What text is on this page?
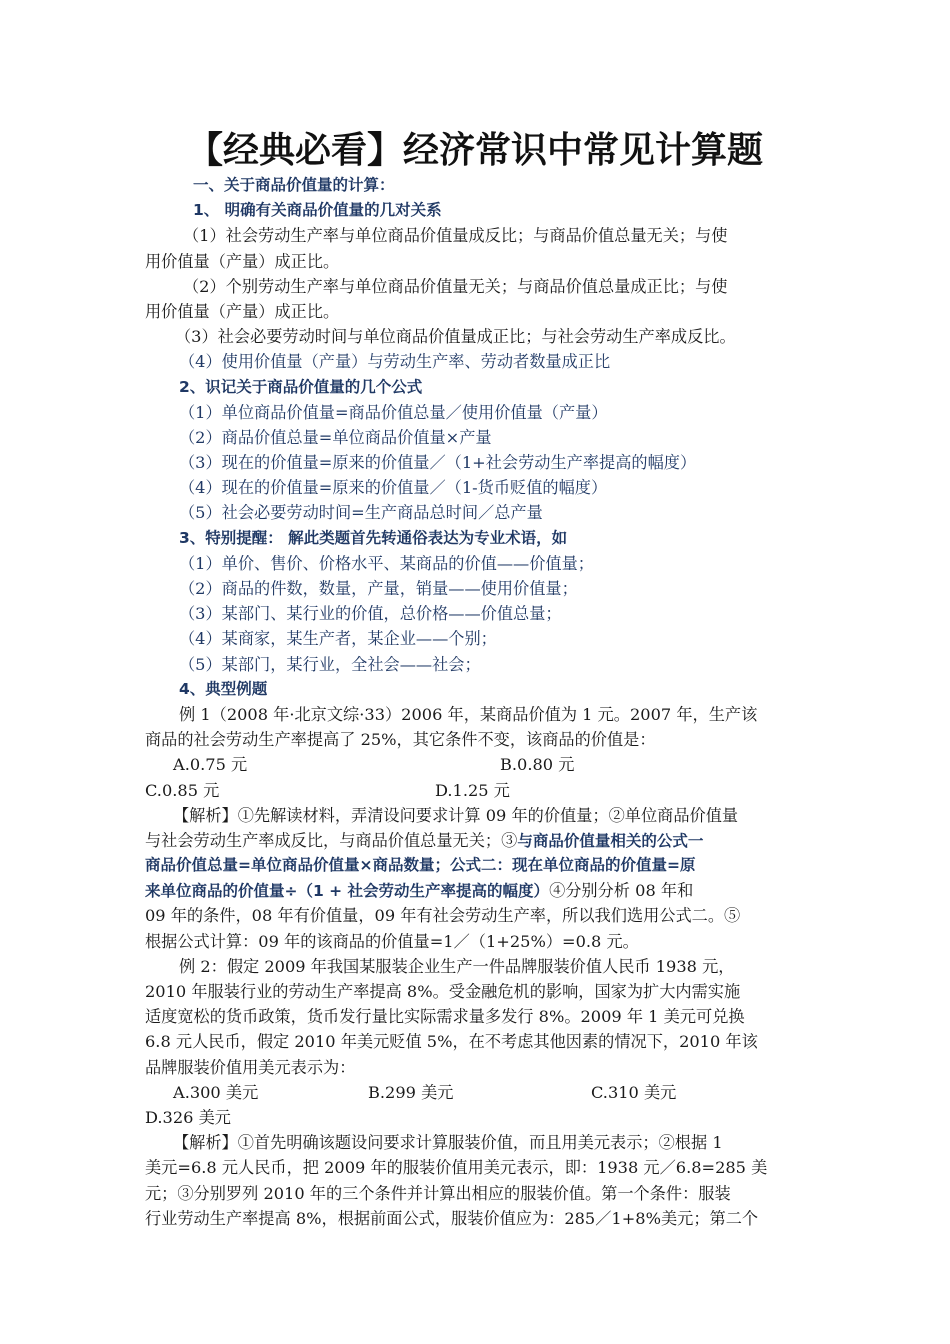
【经典必看】经济常识中常见计算题
一、关于商品价值量的计算：
1、 明确有关商品价值量的几对关系
（1）社会劳动生产率与单位商品价值量成反比；与商品价值总量无关；与使
用价值量（产量）成正比。
（2）个别劳动生产率与单位商品价值量无关；与商品价值总量成正比；与使
用价值量（产量）成正比。
（3）社会必要劳动时间与单位商品价值量成正比；与社会劳动生产率成反比。
（4）使用价值量（产量）与劳动生产率、劳动者数量成正比
2、识记关于商品价值量的几个公式
（1）单位商品价值量=商品价值总量／使用价值量（产量）
（2）商品价值总量=单位商品价值量×产量
（3）现在的价值量=原来的价值量／（1+社会劳动生产率提高的幅度）
（4）现在的价值量=原来的价值量／（1-货币贬值的幅度）
（5）社会必要劳动时间=生产商品总时间／总产量
3、特别提醒： 解此类题首先转通俗表达为专业术语，如
（1）单价、售价、价格水平、某商品的价值——价值量；
（2）商品的件数，数量，产量，销量——使用价值量；
（3）某部门、某行业的价值，总价格——价值总量；
（4）某商家，某生产者，某企业——个别；
（5）某部门，某行业，全社会——社会；
4、典型例题
例 1（2008 年·北京文综·33）2006 年，某商品价值为 1 元。2007 年，生产该
商品的社会劳动生产率提高了 25%，其它条件不变，该商品的价值是：
A.0.75 元	B.0.80 元
C.0.85 元	D.1.25 元
【解析】①先解读材料，弄清设问要求计算 09 年的价值量；②单位商品价值量
与社会劳动生产率成反比，与商品价值总量无关；③与商品价值量相关的公式一
商品价值总量=单位商品价值量×商品数量；公式二：现在单位商品的价值量=原
来单位商品的价值量÷（1 + 社会劳动生产率提高的幅度）④分别分析 08 年和
09 年的条件，08 年有价值量，09 年有社会劳动生产率，所以我们选用公式二。⑤
根据公式计算：09 年的该商品的价值量=1／（1+25%）=0.8 元。
例 2：假定 2009 年我国某服装企业生产一件品牌服装价值人民币 1938 元，
2010 年服装行业的劳动生产率提高 8%。受金融危机的影响，国家为扩大内需实施
适度宽松的货币政策，货币发行量比实际需求量多发行 8%。2009 年 1 美元可兑换
6.8 元人民币，假定 2010 年美元贬值 5%，在不考虑其他因素的情况下，2010 年该
品牌服装价值用美元表示为：
A.300 美元	B.299 美元	C.310 美元
D.326 美元
【解析】①首先明确该题设问要求计算服装价值，而且用美元表示；②根据 1
美元=6.8 元人民币，把 2009 年的服装价值用美元表示，即：1938 元／6.8=285 美
元；③分别罗列 2010 年的三个条件并计算出相应的服装价值。第一个条件：服装
行业劳动生产率提高 8%，根据前面公式，服装价值应为：285／1+8%美元；第二个
